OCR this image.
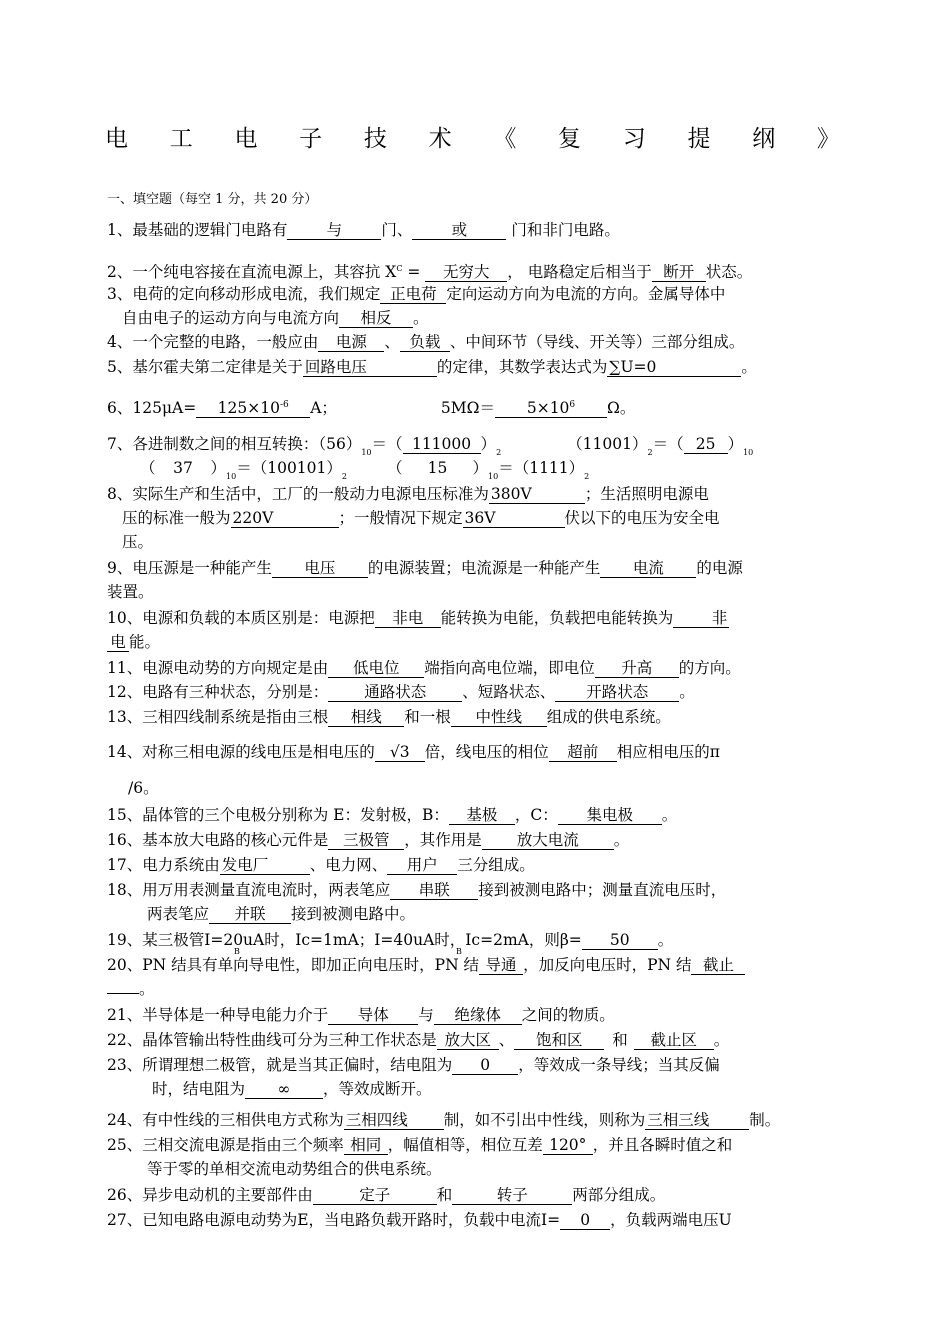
电 工 电 子 技 术 《 复 习 提 纲 》
一、填空题（每空 1 分，共 20 分）
1、最基础的逻辑门电路有	与	门、	或	门和非门电路。
2、一个纯电容接在直流电源上，其容抗 $X^C$ = 无穷大 ， 电路稳定后相当于 断开 状态。
3、电荷的定向移动形成电流，我们规定 正电荷 定向运动方向为电流的方向。金属导体中
自由电子的运动方向与电流方向 相反 。
4、一个完整的电路，一般应由 电源 、 负载 、中间环节（导线、开关等）三部分组成。
5、基尔霍夫第二定律是关于 回路电压	的定律，其数学表达式为 ∑U=0	。
6、$125\mu A= 125\times 10^{-6}$ A；	$5M\Omega= 5\times 10^6$ Ω。
7、各进制数之间的相互转换：$(56)_{10}=$（ 111000 ）$_2$	$(11001)_2=$（ 25 ）$_{10}$
（ 37 ）$_{10}=(100101)_2$	（ 15 ）$_{10}=(1111)_2$
8、实际生产和生活中，工厂的一般动力电源电压标准为 380V	；生活照明电源电
压的标准一般为 220V	；一般情况下规定 36V	伏以下的电压为安全电
压。
9、电压源是一种能产生 电压 的电源装置；电流源是一种能产生 电流 的电源
装置。
10、电源和负载的本质区别是：电源把 非电 能转换为电能，负载把电能转换为 非
电 能。
11、电源电动势的方向规定是由 低电位 端指向高电位端，即电位 升高 的方向。
12、电路有三种状态，分别是： 通路状态 、短路状态、 开路状态 。
13、三相四线制系统是指由三根 相线 和一根 中性线 组成的供电系统。
14、对称三相电源的线电压是相电压的 √3 倍，线电压的相位 超前 相应相电压的π
/6。
15、晶体管的三个电极分别称为 E：发射极，B： 基极 ，C： 集电极 。
16、基本放大电路的核心元件是 三极管 ，其作用是 放大电流 。
17、电力系统由 发电厂	、电力网、 用户 三分组成。
18、用万用表测量直流电流时，两表笔应 串联 接到被测电路中；测量直流电压时，
两表笔应 并联 接到被测电路中。
19、某三极管Ⅰ=20uA时，Ic=1mA；Ⅰ=40uA时，Ic=2mA，则β= 50 。
B	B
20、PN 结具有单向导电性，即加正向电压时，PN 结 导通 ，加反向电压时，PN 结 截止
。
21、半导体是一种导电能力介于 导体 与 绝缘体 之间的物质。
22、晶体管输出特性曲线可分为三种工作状态是 放大区 、 饱和区 和 截止区 。
23、所谓理想二极管，就是当其正偏时，结电阻为 0 ，等效成一条导线；当其反偏
时，结电阻为 ∞ ，等效成断开。
24、有中性线的三相供电方式称为 三相四线 制，如不引出中性线，则称为 三相三线	制。
25、三相交流电源是指由三个频率 相同 ，幅值相等，相位互差 120° ，并且各瞬时值之和
等于零的单相交流电动势组合的供电系统。
26、异步电动机的主要部件由	定子	和	转子	两部分组成。
27、已知电路电源电动势为E，当电路负载开路时，负载中电流Ⅰ= 0 ，负载两端电压U
